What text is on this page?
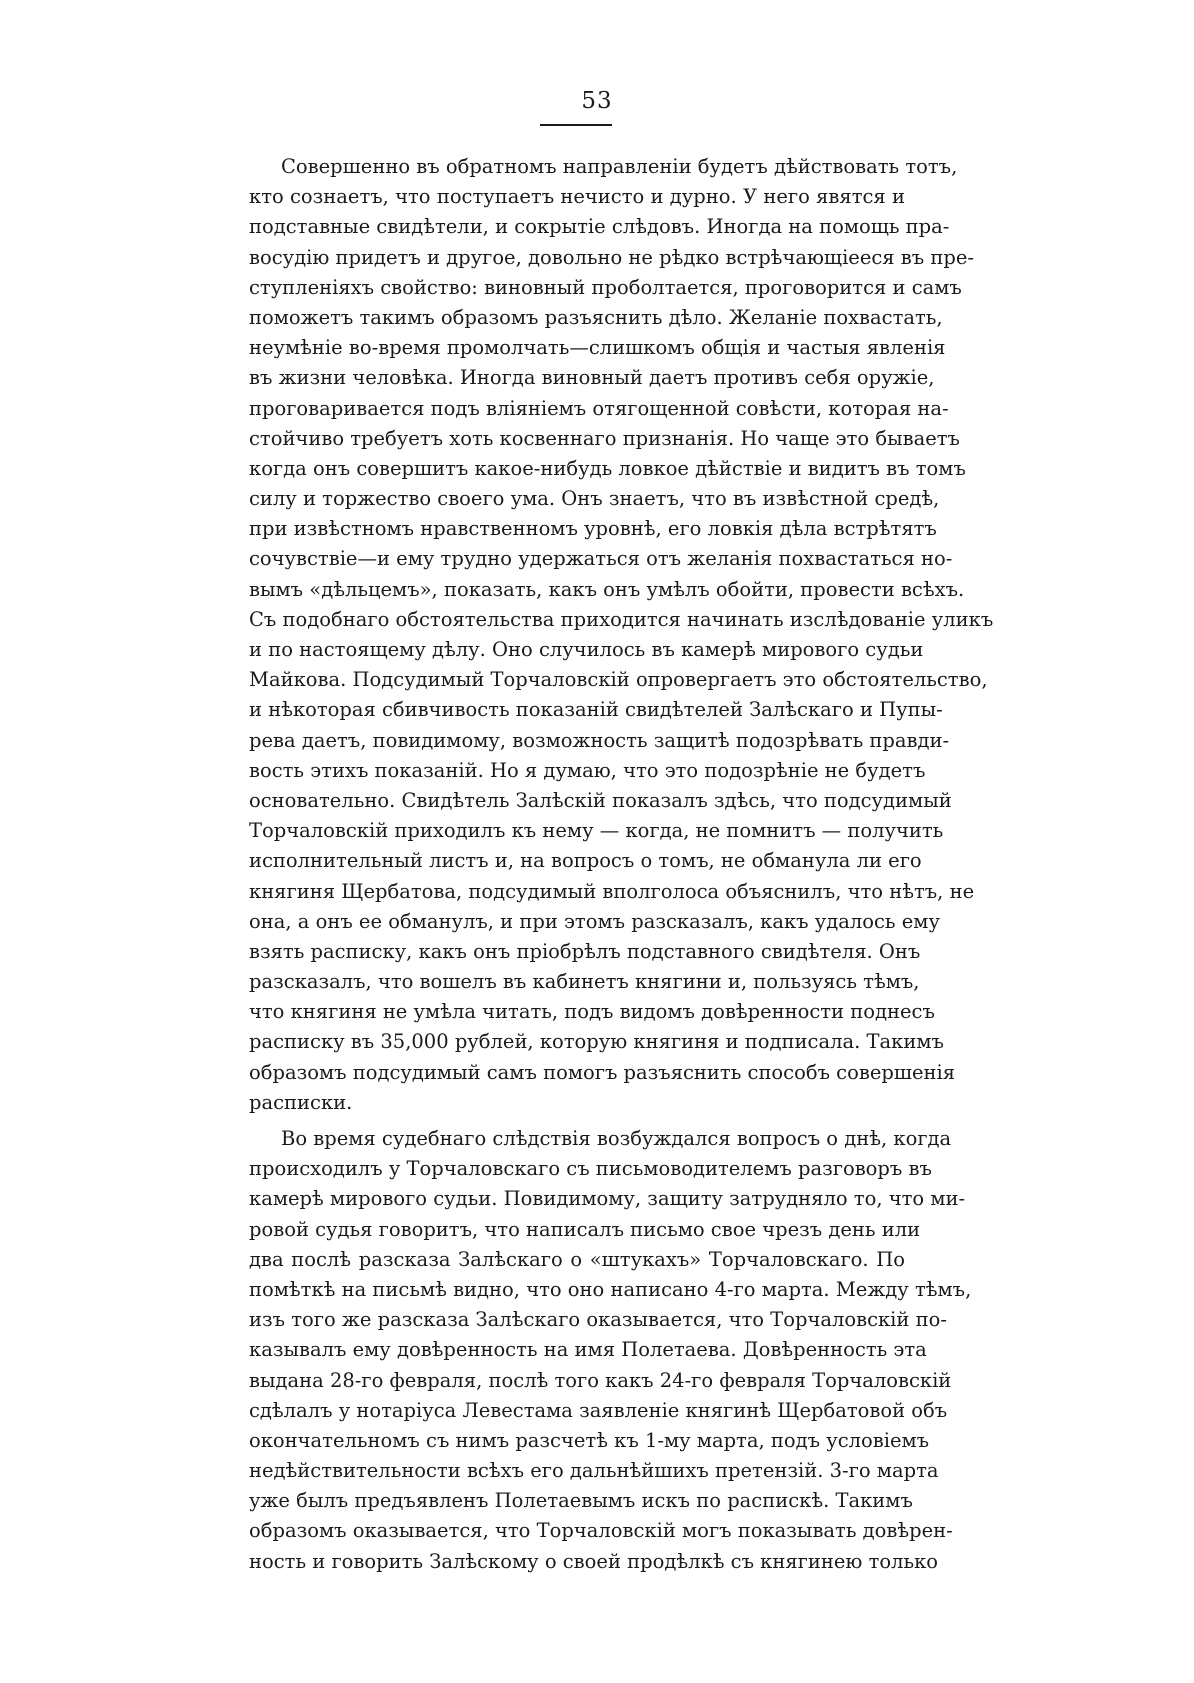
53
Совершенно въ обратномъ направленіи будетъ дѣйствовать тотъ,
кто сознаетъ, что поступаетъ нечисто и дурно. У него явятся и
подставные свидѣтели, и сокрытіе слѣдовъ. Иногда на помощь пра-
восудію придетъ и другое, довольно не рѣдко встрѣчающіееся въ пре-
ступленіяхъ свойство: виновный проболтается, проговорится и самъ
поможетъ такимъ образомъ разъяснить дѣло. Желаніе похвастать,
неумѣніе во-время промолчать—слишкомъ общія и частыя явленія
въ жизни человѣка. Иногда виновный даетъ противъ себя оружіе,
проговаривается подъ вліяніемъ отягощенной совѣсти, которая на-
стойчиво требуетъ хоть косвеннаго признанія. Но чаще это бываетъ
когда онъ совершитъ какое-нибудь ловкое дѣйствіе и видитъ въ томъ
силу и торжество своего ума. Онъ знаетъ, что въ извѣстной средѣ,
при извѣстномъ нравственномъ уровнѣ, его ловкія дѣла встрѣтятъ
сочувствіе—и ему трудно удержаться отъ желанія похвастаться но-
вымъ «дѣльцемъ», показать, какъ онъ умѣлъ обойти, провести всѣхъ.
Съ подобнаго обстоятельства приходится начинать изслѣдованіе уликъ
и по настоящему дѣлу. Оно случилось въ камерѣ мирового судьи
Майкова. Подсудимый Торчаловскій опровергаетъ это обстоятельство,
и нѣкоторая сбивчивость показаній свидѣтелей Залѣскаго и Пупы-
рева даетъ, повидимому, возможность защитѣ подозрѣвать правди-
вость этихъ показаній. Но я думаю, что это подозрѣніе не будетъ
основательно. Свидѣтель Залѣскій показалъ здѣсь, что подсудимый
Торчаловскій приходилъ къ нему — когда, не помнитъ — получить
исполнительный листъ и, на вопросъ о томъ, не обманула ли его
княгиня Щербатова, подсудимый вполголоса объяснилъ, что нѣтъ, не
она, а онъ ее обманулъ, и при этомъ разсказалъ, какъ удалось ему
взять расписку, какъ онъ пріобрѣлъ подставного свидѣтеля. Онъ
разсказалъ, что вошелъ въ кабинетъ княгини и, пользуясь тѣмъ,
что княгиня не умѣла читать, подъ видомъ довѣренности поднесъ
расписку въ 35,000 рублей, которую княгиня и подписала. Такимъ
образомъ подсудимый самъ помогъ разъяснить способъ совершенія
расписки.
Во время судебнаго слѣдствія возбуждался вопросъ о днѣ, когда
происходилъ у Торчаловскаго съ письмоводителемъ разговоръ въ
камерѣ мирового судьи. Повидимому, защиту затрудняло то, что ми-
ровой судья говоритъ, что написалъ письмо свое чрезъ день или
два послѣ разсказа Залѣскаго о «штукахъ» Торчаловскаго. По
помѣткѣ на письмѣ видно, что оно написано 4-го марта. Между тѣмъ,
изъ того же разсказа Залѣскаго оказывается, что Торчаловскій по-
казывалъ ему довѣренность на имя Полетаева. Довѣренность эта
выдана 28-го февраля, послѣ того какъ 24-го февраля Торчаловскій
сдѣлалъ у нотаріуса Левестама заявленіе княгинѣ Щербатовой объ
окончательномъ съ нимъ разсчетѣ къ 1-му марта, подъ условіемъ
недѣйствительности всѣхъ его дальнѣйшихъ претензій. 3-го марта
уже былъ предъявленъ Полетаевымъ искъ по распискѣ. Такимъ
образомъ оказывается, что Торчаловскій могъ показывать довѣрен-
ность и говорить Залѣскому о своей продѣлкѣ съ княгинею только
